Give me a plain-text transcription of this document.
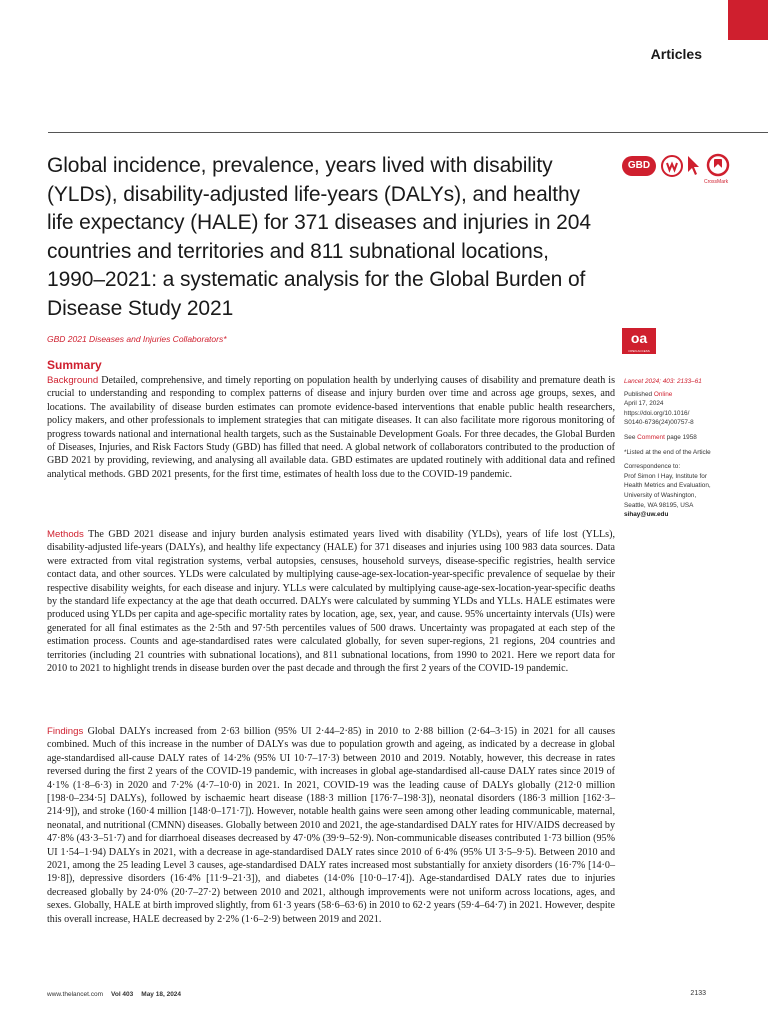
Articles
Global incidence, prevalence, years lived with disability (YLDs), disability-adjusted life-years (DALYs), and healthy life expectancy (HALE) for 371 diseases and injuries in 204 countries and territories and 811 subnational locations, 1990–2021: a systematic analysis for the Global Burden of Disease Study 2021
GBD
CrossMark
oa
OPEN ACCESS
GBD 2021 Diseases and Injuries Collaborators*
Summary

Background Detailed, comprehensive, and timely reporting on population health by underlying causes of disability and premature death is crucial to understanding and responding to complex patterns of disease and injury burden over time and across age groups, sexes, and locations. The availability of disease burden estimates can promote evidence-based interventions that enable public health researchers, policy makers, and other professionals to implement strategies that can mitigate diseases. It can also facilitate more rigorous monitoring of progress towards national and international health targets, such as the Sustainable Development Goals. For three decades, the Global Burden of Diseases, Injuries, and Risk Factors Study (GBD) has filled that need. A global network of collaborators contributed to the production of GBD 2021 by providing, reviewing, and analysing all available data. GBD estimates are updated routinely with additional data and refined analytical methods. GBD 2021 presents, for the first time, estimates of health loss due to the COVID-19 pandemic.

Methods The GBD 2021 disease and injury burden analysis estimated years lived with disability (YLDs), years of life lost (YLLs), disability-adjusted life-years (DALYs), and healthy life expectancy (HALE) for 371 diseases and injuries using 100 983 data sources. Data were extracted from vital registration systems, verbal autopsies, censuses, household surveys, disease-specific registries, health service contact data, and other sources. YLDs were calculated by multiplying cause-age-sex-location-year-specific prevalence of sequelae by their respective disability weights, for each disease and injury. YLLs were calculated by multiplying cause-age-sex-location-year-specific deaths by the standard life expectancy at the age that death occurred. DALYs were calculated by summing YLDs and YLLs. HALE estimates were produced using YLDs per capita and age-specific mortality rates by location, age, sex, year, and cause. 95% uncertainty intervals (UIs) were generated for all final estimates as the 2·5th and 97·5th percentiles values of 500 draws. Uncertainty was propagated at each step of the estimation process. Counts and age-standardised rates were calculated globally, for seven super-regions, 21 regions, 204 countries and territories (including 21 countries with subnational locations), and 811 subnational locations, from 1990 to 2021. Here we report data for 2010 to 2021 to highlight trends in disease burden over the past decade and through the first 2 years of the COVID-19 pandemic.

Findings Global DALYs increased from 2·63 billion (95% UI 2·44–2·85) in 2010 to 2·88 billion (2·64–3·15) in 2021 for all causes combined. Much of this increase in the number of DALYs was due to population growth and ageing, as indicated by a decrease in global age-standardised all-cause DALY rates of 14·2% (95% UI 10·7–17·3) between 2010 and 2019. Notably, however, this decrease in rates reversed during the first 2 years of the COVID-19 pandemic, with increases in global age-standardised all-cause DALY rates since 2019 of 4·1% (1·8–6·3) in 2020 and 7·2% (4·7–10·0) in 2021. In 2021, COVID-19 was the leading cause of DALYs globally (212·0 million [198·0–234·5] DALYs), followed by ischaemic heart disease (188·3 million [176·7–198·3]), neonatal disorders (186·3 million [162·3–214·9]), and stroke (160·4 million [148·0–171·7]). However, notable health gains were seen among other leading communicable, maternal, neonatal, and nutritional (CMNN) diseases. Globally between 2010 and 2021, the age-standardised DALY rates for HIV/AIDS decreased by 47·8% (43·3–51·7) and for diarrhoeal diseases decreased by 47·0% (39·9–52·9). Non-communicable diseases contributed 1·73 billion (95% UI 1·54–1·94) DALYs in 2021, with a decrease in age-standardised DALY rates since 2010 of 6·4% (95% UI 3·5–9·5). Between 2010 and 2021, among the 25 leading Level 3 causes, age-standardised DALY rates increased most substantially for anxiety disorders (16·7% [14·0–19·8]), depressive disorders (16·4% [11·9–21·3]), and diabetes (14·0% [10·0–17·4]). Age-standardised DALY rates due to injuries decreased globally by 24·0% (20·7–27·2) between 2010 and 2021, although improvements were not uniform across locations, ages, and sexes. Globally, HALE at birth improved slightly, from 61·3 years (58·6–63·6) in 2010 to 62·2 years (59·4–64·7) in 2021. However, despite this overall increase, HALE decreased by 2·2% (1·6–2·9) between 2019 and 2021.

Lancet 2024; 403: 2133–61
Published Online
April 17, 2024
https://doi.org/10.1016/
S0140-6736(24)00757-8
See Comment page 1958
*Listed at the end of the Article
Correspondence to:
Prof Simon I Hay, Institute for
Health Metrics and Evaluation,
University of Washington,
Seattle, WA 98195, USA
sihay@uw.edu
www.thelancet.com Vol 403 May 18, 2024	2133
